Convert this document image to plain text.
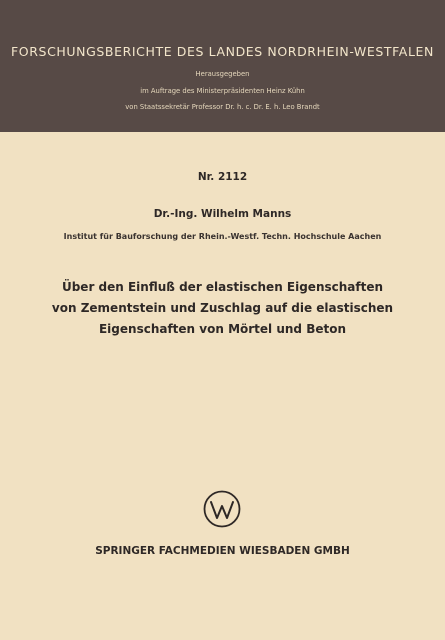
FORSCHUNGSBERICHTE DES LANDES NORDRHEIN-WESTFALEN
Herausgegeben
im Auftrage des Ministerpräsidenten Heinz Kühn
von Staatssekretär Professor Dr. h. c. Dr. E. h. Leo Brandt
Nr. 2112
Dr.-Ing. Wilhelm Manns
Institut für Bauforschung der Rhein.-Westf. Techn. Hochschule Aachen
Über den Einfluß der elastischen Eigenschaften
von Zementstein und Zuschlag auf die elastischen
Eigenschaften von Mörtel und Beton
SPRINGER FACHMEDIEN WIESBADEN GMBH
